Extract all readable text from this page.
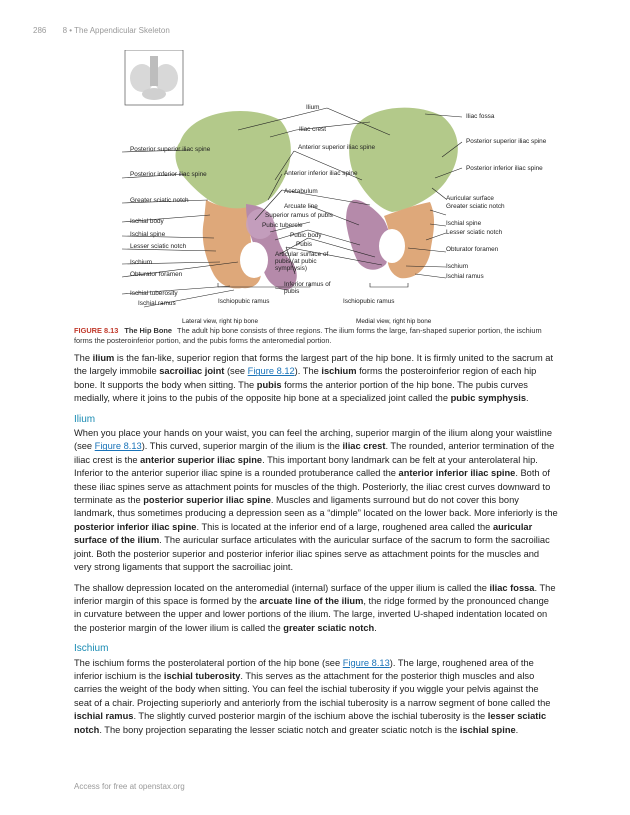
286 8 • The Appendicular Skeleton
Posterior superior iliac spine
Posterior inferior iliac spine
Greater sciatic notch
Ischial body
Ischial spine
Lesser sciatic notch
Ischium
Obturator foramen
Ischial tuberosity
Ischial ramus
Ilium
Iliac crest
Anterior superior iliac spine
Anterior inferior iliac spine
Acetabulum
Arcuate line
Superior ramus of pubis
Pubic tubercle
Pubic body
Pubis
Articular surface of pubis (at pubic symphysis)
Inferior ramus of pubis
Iliac fossa
Posterior superior iliac spine
Posterior inferior iliac spine
Auricular surface
Greater sciatic notch
Ischial spine
Lesser sciatic notch
Obturator foramen
Ischium
Ischial ramus
Ischiopubic ramus	Ischiopubic ramus
Lateral view, right hip bone	Medial view, right hip bone
FIGURE 8.13 The Hip Bone The adult hip bone consists of three regions. The ilium forms the large, fan-shaped superior portion, the ischium forms the posteroinferior portion, and the pubis forms the anteromedial portion.

The ilium is the fan-like, superior region that forms the largest part of the hip bone. It is firmly united to the sacrum at the largely immobile sacroiliac joint (see Figure 8.12). The ischium forms the posteroinferior region of each hip bone. It supports the body when sitting. The pubis forms the anterior portion of the hip bone. The pubis curves medially, where it joins to the pubis of the opposite hip bone at a specialized joint called the pubic symphysis.

Ilium

When you place your hands on your waist, you can feel the arching, superior margin of the ilium along your waistline (see Figure 8.13). This curved, superior margin of the ilium is the iliac crest. The rounded, anterior termination of the iliac crest is the anterior superior iliac spine. This important bony landmark can be felt at your anterolateral hip. Inferior to the anterior superior iliac spine is a rounded protuberance called the anterior inferior iliac spine. Both of these iliac spines serve as attachment points for muscles of the thigh. Posteriorly, the iliac crest curves downward to terminate as the posterior superior iliac spine. Muscles and ligaments surround but do not cover this bony landmark, thus sometimes producing a depression seen as a “dimple” located on the lower back. More inferiorly is the posterior inferior iliac spine. This is located at the inferior end of a large, roughened area called the auricular surface of the ilium. The auricular surface articulates with the auricular surface of the sacrum to form the sacroiliac joint. Both the posterior superior and posterior inferior iliac spines serve as attachment points for the muscles and very strong ligaments that support the sacroiliac joint.

The shallow depression located on the anteromedial (internal) surface of the upper ilium is called the iliac fossa. The inferior margin of this space is formed by the arcuate line of the ilium, the ridge formed by the pronounced change in curvature between the upper and lower portions of the ilium. The large, inverted U-shaped indentation located on the posterior margin of the lower ilium is called the greater sciatic notch.

Ischium

The ischium forms the posterolateral portion of the hip bone (see Figure 8.13). The large, roughened area of the inferior ischium is the ischial tuberosity. This serves as the attachment for the posterior thigh muscles and also carries the weight of the body when sitting. You can feel the ischial tuberosity if you wiggle your pelvis against the seat of a chair. Projecting superiorly and anteriorly from the ischial tuberosity is a narrow segment of bone called the ischial ramus. The slightly curved posterior margin of the ischium above the ischial tuberosity is the lesser sciatic notch. The bony projection separating the lesser sciatic notch and greater sciatic notch is the ischial spine.

Access for free at openstax.org
